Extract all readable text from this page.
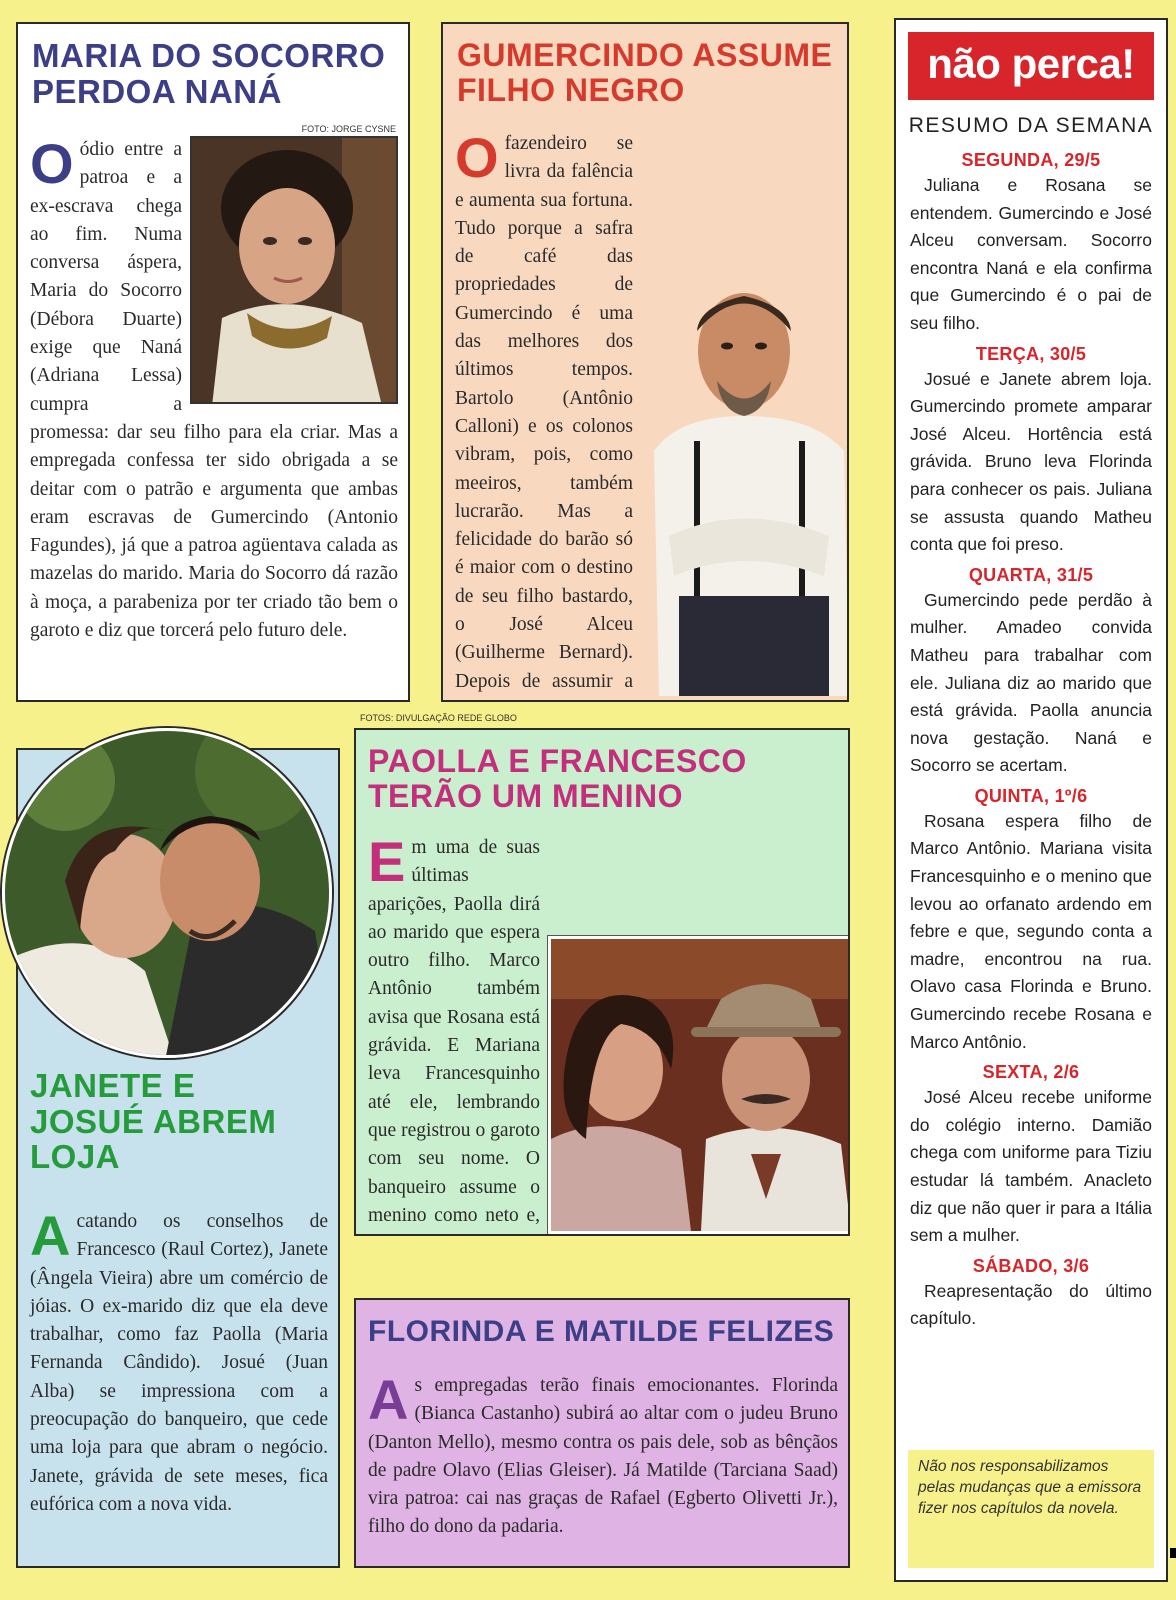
MARIA DO SOCORRO
PERDOA NANÁ
FOTO: JORGE CYSNE
Oódio entre a patroa e a ex-escrava chega ao fim. Numa conversa áspera, Maria do Socorro (Débora Duarte) exige que Naná (Adriana Lessa) cumpra a promessa: dar seu filho para ela criar. Mas a empregada confessa ter sido obrigada a se deitar com o patrão e argumenta que ambas eram escravas de Gumercindo (Antonio Fagundes), já que a patroa agüentava calada as mazelas do marido. Maria do Socorro dá razão à moça, a parabeniza por ter criado tão bem o garoto e diz que torcerá pelo futuro dele.
GUMERCINDO ASSUME
FILHO NEGRO
Ofazendeiro se livra da falência e aumenta sua fortuna. Tudo porque a safra de café das propriedades de Gumercindo é uma das melhores dos últimos tempos. Bartolo (Antônio Calloni) e os colonos vibram, pois, como meeiros, também lucrarão. Mas a felicidade do barão só é maior com o destino de seu filho bastardo, o José Alceu (Guilherme Bernard). Depois de assumir a
FOTOS: DIVULGAÇÃO REDE GLOBO
JANETE E
JOSUÉ ABREM
LOJA
Acatando os conselhos de Francesco (Raul Cortez), Janete (Ângela Vieira) abre um comércio de jóias. O ex-marido diz que ela deve trabalhar, como faz Paolla (Maria Fernanda Cândido). Josué (Juan Alba) se impressiona com a preocupação do banqueiro, que cede uma loja para que abram o negócio. Janete, grávida de sete meses, fica eufórica com a nova vida.
PAOLLA E FRANCESCO
TERÃO UM MENINO
Em uma de suas últimas aparições, Paolla dirá ao marido que espera outro filho. Marco Antônio também avisa que Rosana está grávida. E Mariana leva Francesquinho até ele, lembrando que registrou o garoto com seu nome. O banqueiro assume o menino como neto e,
FLORINDA E MATILDE FELIZES
As empregadas terão finais emocionantes. Florinda (Bianca Castanho) subirá ao altar com o judeu Bruno (Danton Mello), mesmo contra os pais dele, sob as bênçãos de padre Olavo (Elias Gleiser). Já Matilde (Tarciana Saad) vira patroa: cai nas graças de Rafael (Egberto Olivetti Jr.), filho do dono da padaria.
não perca!
RESUMO DA SEMANA
SEGUNDA, 29/5
Juliana e Rosana se entendem. Gumercindo e José Alceu conversam. Socorro encontra Naná e ela confirma que Gumercindo é o pai de seu filho.
TERÇA, 30/5
Josué e Janete abrem loja. Gumercindo promete amparar José Alceu. Hortência está grávida. Bruno leva Florinda para conhecer os pais. Juliana se assusta quando Matheu conta que foi preso.
QUARTA, 31/5
Gumercindo pede perdão à mulher. Amadeo convida Matheu para trabalhar com ele. Juliana diz ao marido que está grávida. Paolla anuncia nova gestação. Naná e Socorro se acertam.
QUINTA, 1º/6
Rosana espera filho de Marco Antônio. Mariana visita Francesquinho e o menino que levou ao orfanato ardendo em febre e que, segundo conta a madre, encontrou na rua. Olavo casa Florinda e Bruno. Gumercindo recebe Rosana e Marco Antônio.
SEXTA, 2/6
José Alceu recebe uniforme do colégio interno. Damião chega com uniforme para Tiziu estudar lá também. Anacleto diz que não quer ir para a Itália sem a mulher.
SÁBADO, 3/6
Reapresentação do último capítulo.
Não nos responsabilizamos pelas mudanças que a emissora fizer nos capítulos da novela.
